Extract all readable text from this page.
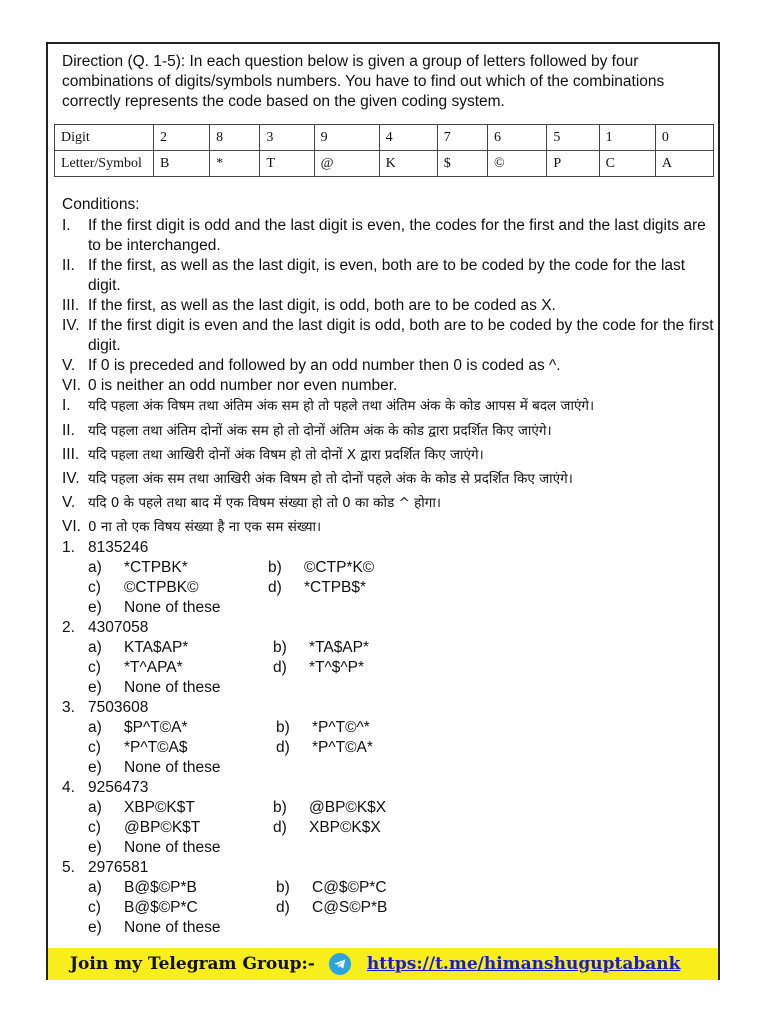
Direction (Q. 1-5): In each question below is given a group of letters followed by four combinations of digits/symbols numbers. You have to find out which of the combinations correctly represents the code based on the given coding system.
Digit	2	8	3	9	4	7	6	5	1	0
Letter/Symbol	B	*	T	@	K	$	©	P	C	A
Conditions:
I.	If the first digit is odd and the last digit is even, the codes for the first and the last digits are to be interchanged.
II. If the first, as well as the last digit, is even, both are to be coded by the code for the last digit.
III. If the first, as well as the last digit, is odd, both are to be coded as X.
IV. If the first digit is even and the last digit is odd, both are to be coded by the code for the first digit.
V. If 0 is preceded and followed by an odd number then 0 is coded as ^.
VI. 0 is neither an odd number nor even number.
I.	यदि पहला अंक विषम तथा अंतिम अंक सम हो तो पहले तथा अंतिम अंक के कोड आपस में बदल जाएंगे।
II. यदि पहला तथा अंतिम दोनों अंक सम हो तो दोनों अंतिम अंक के कोड द्वारा प्रदर्शित किए जाएंगे।
III. यदि पहला तथा आखिरी दोनों अंक विषम हो तो दोनों X द्वारा प्रदर्शित किए जाएंगे।
IV. यदि पहला अंक सम तथा आखिरी अंक विषम हो तो दोनों पहले अंक के कोड से प्रदर्शित किए जाएंगे।
V. यदि 0 के पहले तथा बाद में एक विषम संख्या हो तो 0 का कोड ^ होगा।
VI. 0 ना तो एक विषय संख्या है ना एक सम संख्या।
1. 8135246
a) *CTPBK*	b) ©CTP*K©
c) ©CTPBK©	d) *CTPB$*
e) None of these
2. 4307058
a) KTA$AP*	b) *TA$AP*
c) *T^APA*	d) *T^$^P*
e) None of these
3. 7503608
a) $P^T©A*	b) *P^T©^*
c) *P^T©A$	d) *P^T©A*
e) None of these
4. 9256473
a) XBP©K$T	b) @BP©K$X
c) @BP©K$T	d) XBP©K$X
e) None of these
5. 2976581
a) B@$©P*B	b) C@$©P*C
c) B@$©P*C	d) C@S©P*B
e) None of these
Join my Telegram Group:-	https://t.me/himanshuguptabank
